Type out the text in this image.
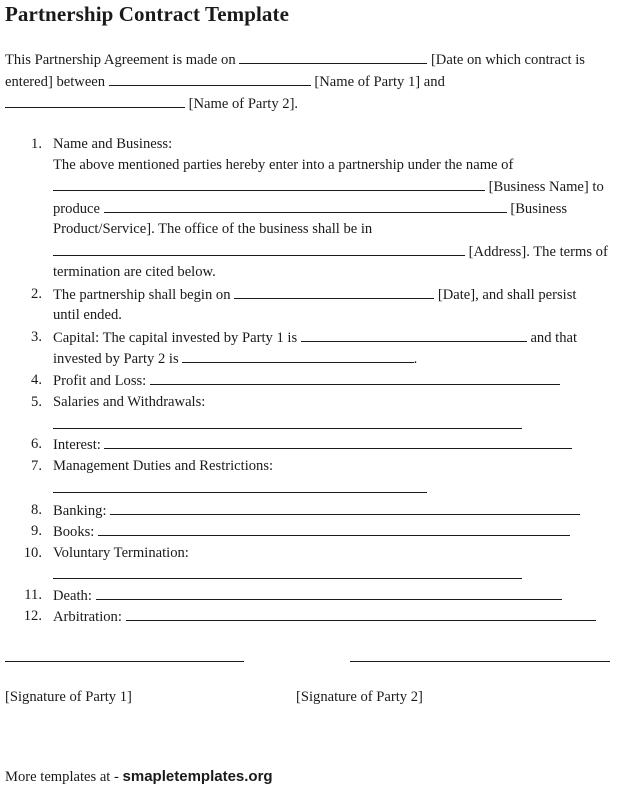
Partnership Contract Template
This Partnership Agreement is made on	[Date on which contract is
entered] between	[Name of Party 1] and
[Name of Party 2].
1. Name and Business:
The above mentioned parties hereby enter into a partnership under the name of
[Business Name] to
produce	[Business
Product/Service]. The office of the business shall be in
[Address]. The terms of
termination are cited below.
2. The partnership shall begin on	[Date], and shall persist
until ended.
3. Capital: The capital invested by Party 1 is	and that
invested by Party 2 is	.
4. Profit and Loss:
5. Salaries and Withdrawals:
6. Interest:
7. Management Duties and Restrictions:
8. Banking:
9. Books:
10. Voluntary Termination:
11. Death:
12. Arbitration:
[Signature of Party 1]	[Signature of Party 2]
More templates at - smapletemplates.org
